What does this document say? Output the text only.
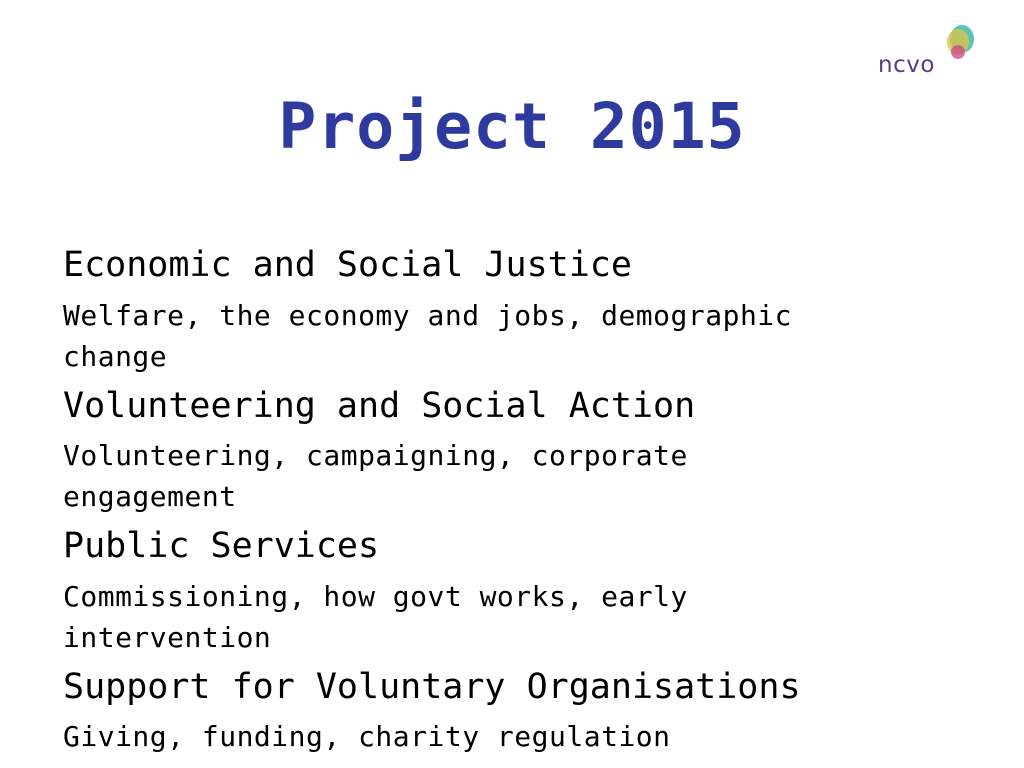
ncvo
Project 2015
Economic and Social Justice
Welfare, the economy and jobs, demographic
change
Volunteering and Social Action
Volunteering, campaigning, corporate
engagement
Public Services
Commissioning, how govt works, early
intervention
Support for Voluntary Organisations
Giving, funding, charity regulation
